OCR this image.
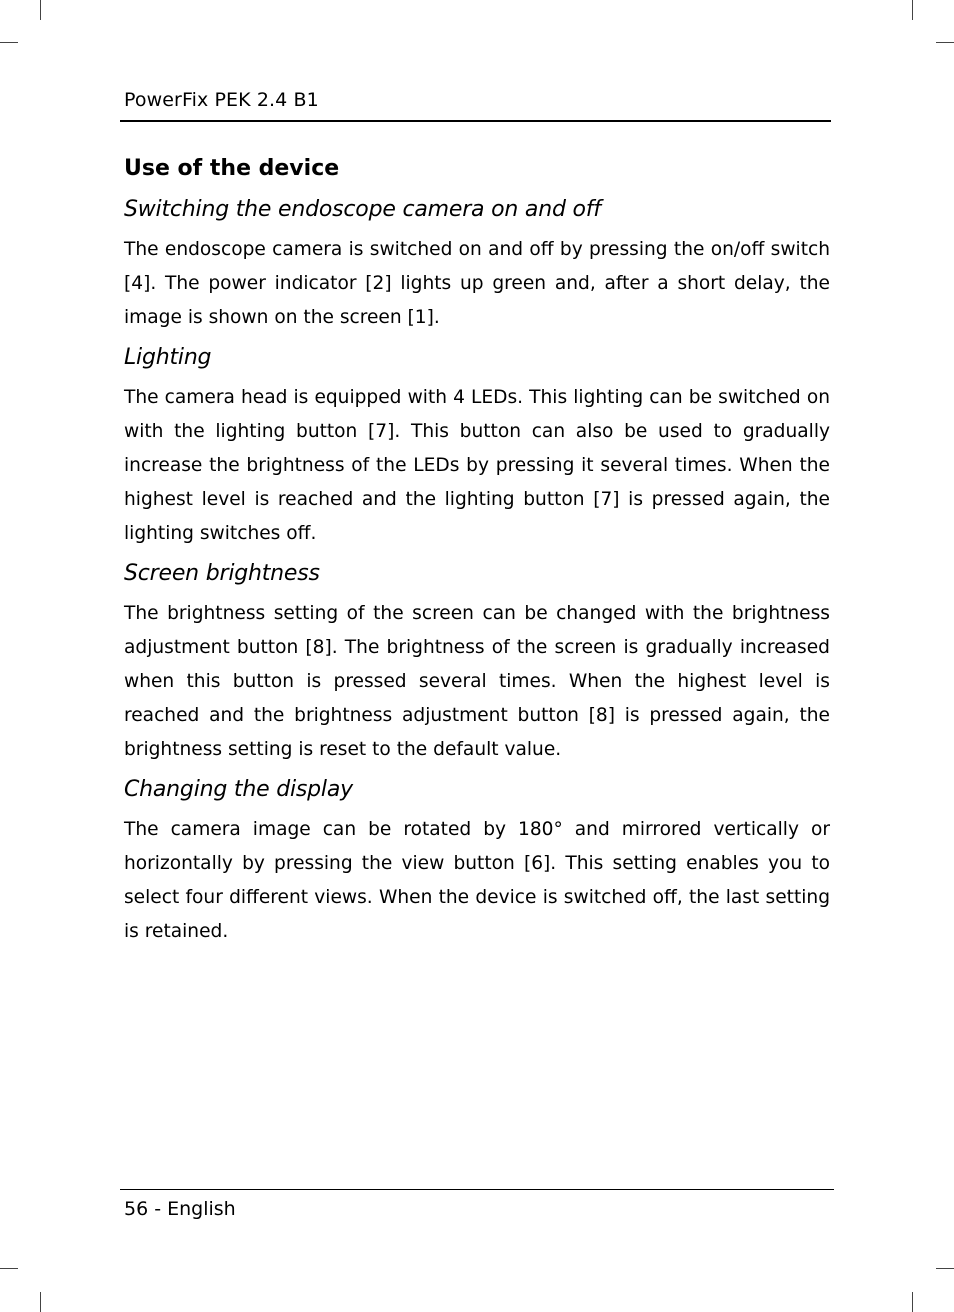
PowerFix PEK 2.4 B1
Use of the device
Switching the endoscope camera on and off

The endoscope camera is switched on and off by pressing the on/off switch [4]. The power indicator [2] lights up green and, after a short delay, the image is shown on the screen [1].

Lighting

The camera head is equipped with 4 LEDs. This lighting can be switched on with the lighting button [7]. This button can also be used to gradually increase the brightness of the LEDs by pressing it several times. When the highest level is reached and the lighting button [7] is pressed again, the lighting switches off.

Screen brightness

The brightness setting of the screen can be changed with the brightness adjustment button [8]. The brightness of the screen is gradually increased when this button is pressed several times. When the highest level is reached and the brightness adjustment button [8] is pressed again, the brightness setting is reset to the default value.

Changing the display

The camera image can be rotated by 180° and mirrored vertically or horizontally by pressing the view button [6]. This setting enables you to select four different views. When the device is switched off, the last setting is retained.

56 - English
